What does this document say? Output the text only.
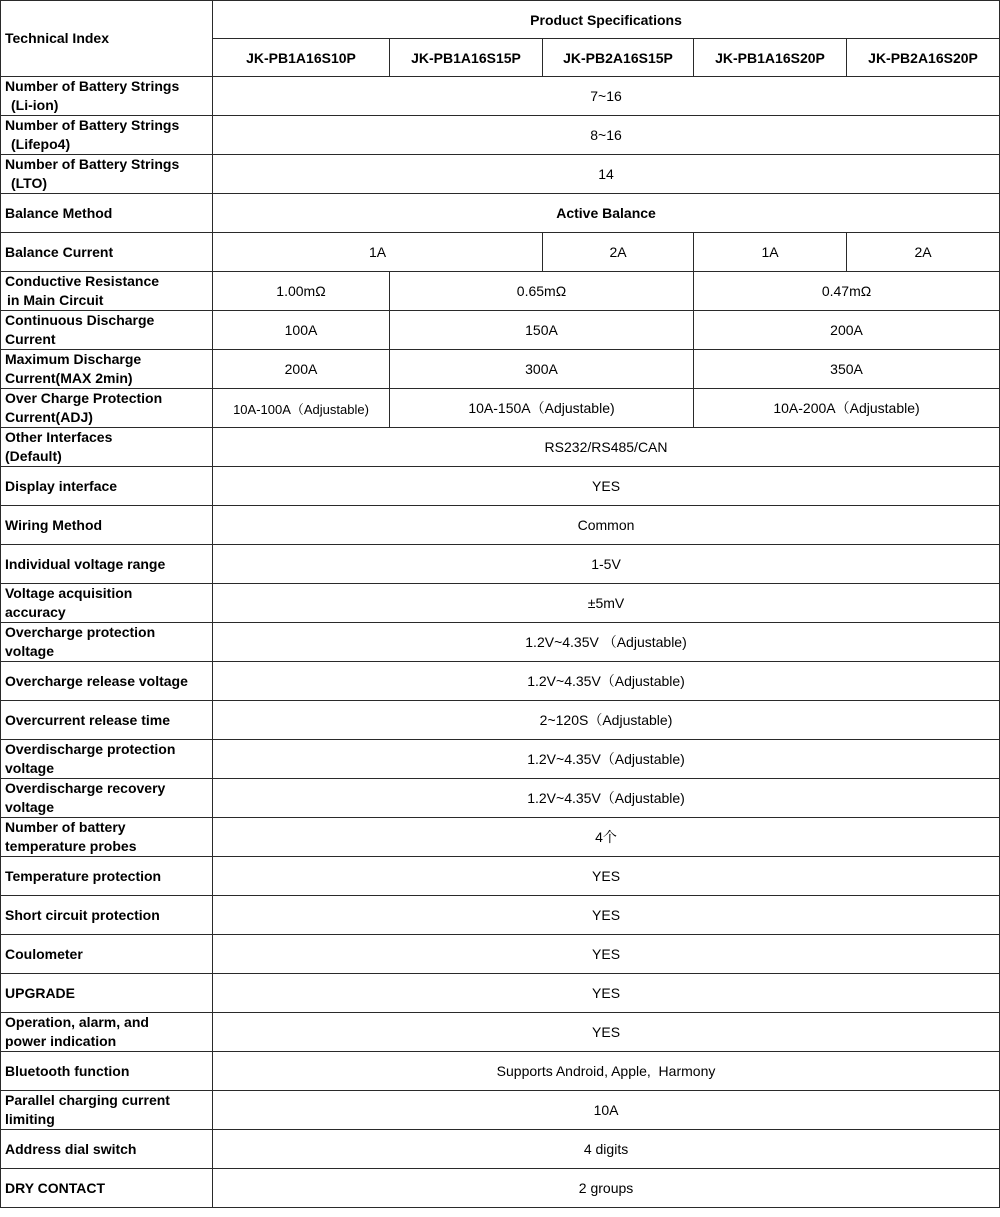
Technical Index	Product Specifications				
	JK-PB1A16S10P	JK-PB1A16S15P	JK-PB2A16S15P	JK-PB1A16S20P	JK-PB2A16S20P
Number of Battery Strings
(Li-ion)	7~16				
Number of Battery Strings
(Lifepo4)	8~16				
Number of Battery Strings
(LTO)	14				
Balance Method	Active Balance				
Balance Current	1A		2A	1A	2A
Conductive Resistance
in Main Circuit	1.00mΩ	0.65mΩ		0.47mΩ	
Continuous Discharge
Current	100A	150A		200A	
Maximum Discharge
Current(MAX 2min)	200A	300A		350A	
Over Charge Protection
Current(ADJ)	10A-100A（Adjustable)	10A-150A（Adjustable)		10A-200A（Adjustable)	
Other Interfaces
(Default)	RS232/RS485/CAN				
Display interface	YES				
Wiring Method	Common				
Individual voltage range	1-5V				
Voltage acquisition
accuracy	±5mV				
Overcharge protection
voltage	1.2V~4.35V （Adjustable)				
Overcharge release voltage	1.2V~4.35V（Adjustable)				
Overcurrent release time	2~120S（Adjustable)				
Overdischarge protection
voltage	1.2V~4.35V（Adjustable)				
Overdischarge recovery
voltage	1.2V~4.35V（Adjustable)				
Number of battery
temperature probes	4个				
Temperature protection	YES				
Short circuit protection	YES				
Coulometer	YES				
UPGRADE	YES				
Operation, alarm, and
power indication	YES				
Bluetooth function	Supports Android, Apple,  Harmony				
Parallel charging current
limiting	10A				
Address dial switch	4 digits				
DRY CONTACT	2 groups				
